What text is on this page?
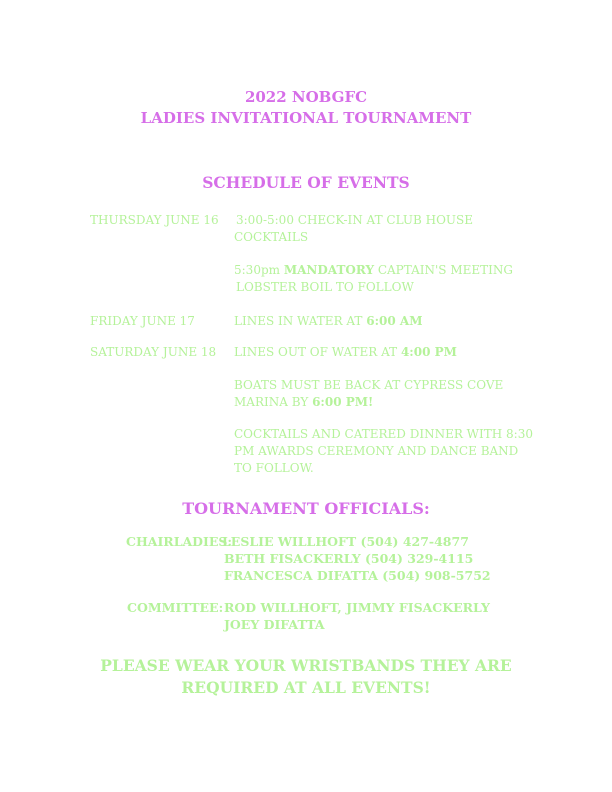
2022 NOBGFC
LADIES INVITATIONAL TOURNAMENT
SCHEDULE OF EVENTS
THURSDAY JUNE 16 3:00-5:00 CHECK-IN AT CLUB HOUSE
COCKTAILS
5:30pm MANDATORY CAPTAIN'S MEETING
LOBSTER BOIL TO FOLLOW
FRIDAY JUNE 17	LINES IN WATER AT 6:00 AM
SATURDAY JUNE 18 LINES OUT OF WATER AT 4:00 PM
BOATS MUST BE BACK AT CYPRESS COVE
MARINA BY 6:00 PM!
COCKTAILS AND CATERED DINNER WITH 8:30
PM AWARDS CEREMONY AND DANCE BAND
TO FOLLOW.
TOURNAMENT OFFICIALS:
CHAIRLADIES:
LESLIE WILLHOFT (504) 427-4877
BETH FISACKERLY (504) 329-4115
FRANCESCA DIFATTA (504) 908-5752
COMMITTEE: ROD WILLHOFT, JIMMY FISACKERLY
JOEY DIFATTA
PLEASE WEAR YOUR WRISTBANDS THEY ARE
REQUIRED AT ALL EVENTS!
